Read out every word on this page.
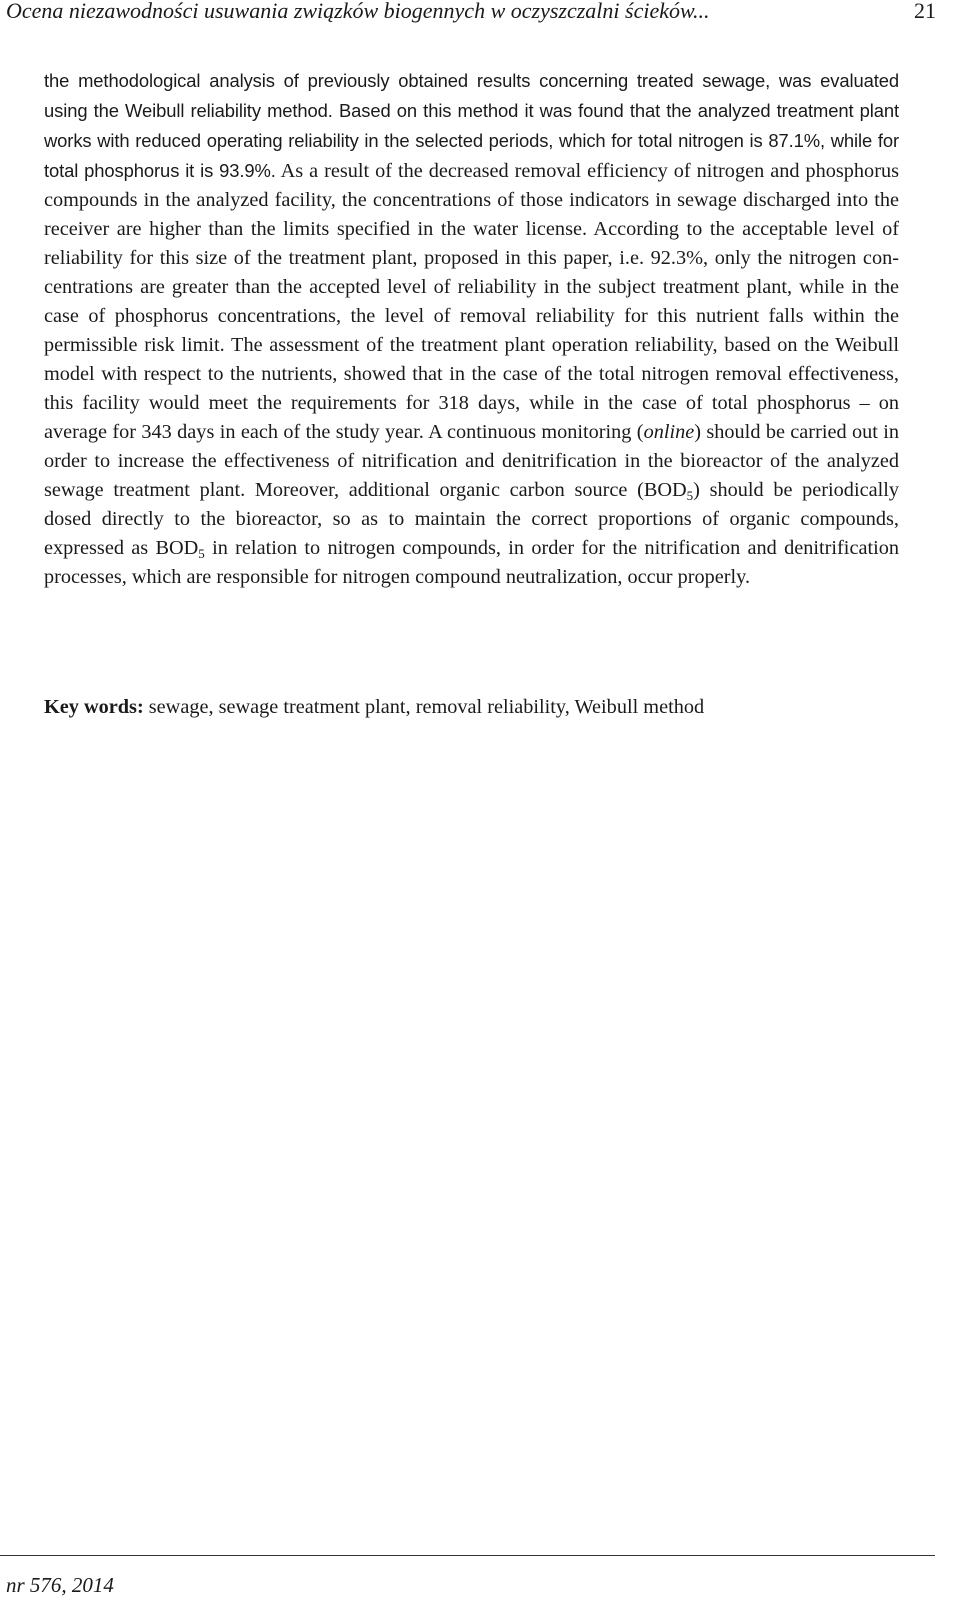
Ocena niezawodności usuwania związków biogennych w oczyszczalni ścieków...	21

the methodological analysis of previously obtained results concerning treated sewage, was evaluated using the Weibull reliability method. Based on this method it was found that the analyzed treatment plant works with reduced operating reliability in the selected periods, which for total nitrogen is 87.1%, while for total phosphorus it is 93.9%. As a result of the decreased removal efficiency of nitrogen and phosphorus compounds in the analyzed facility, the concentrations of those indicators in sewage discharged into the receiver are higher than the limits specified in the water license. According to the acceptable level of reliability for this size of the treatment plant, proposed in this paper, i.e. 92.3%, only the nitrogen concentrations are greater than the accepted level of reliability in the subject treatment plant, while in the case of phosphorus concentrations, the level of removal reliability for this nutrient falls within the permissible risk limit. The assessment of the treatment plant operation reliability, based on the Weibull model with respect to the nutrients, showed that in the case of the total nitrogen removal effectiveness, this facility would meet the requirements for 318 days, while in the case of total phosphorus – on average for 343 days in each of the study year. A continuous monitoring (online) should be carried out in order to increase the effectiveness of nitrification and denitrification in the bioreactor of the analyzed sewage treatment plant. Moreover, additional organic carbon source $(BOD_5)$ should be periodically dosed directly to the bioreactor, so as to maintain the correct proportions of organic compounds, expressed as $BOD_5$ in relation to nitrogen compounds, in order for the nitrification and denitrification processes, which are responsible for nitrogen compound neutralization, occur properly.

Key words: sewage, sewage treatment plant, removal reliability, Weibull method

nr 576, 2014
